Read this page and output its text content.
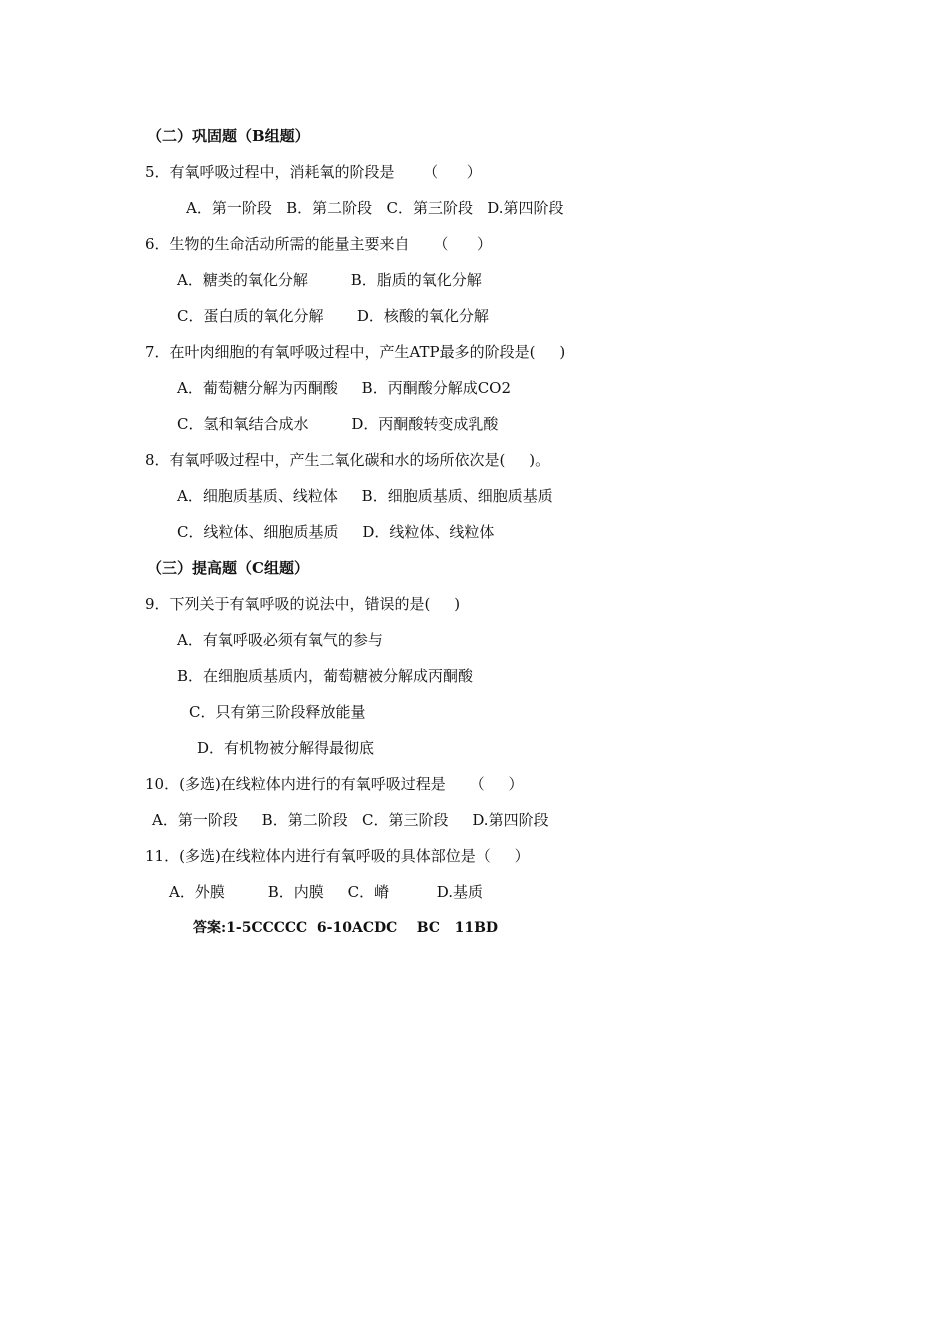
（二）巩固题（B组题）
5．有氧呼吸过程中，消耗氧的阶段是      （      ）
A．第一阶段   B．第二阶段   C．第三阶段   D.第四阶段
6．生物的生命活动所需的能量主要来自     （      ）
A．糖类的氧化分解         B．脂质的氧化分解
C．蛋白质的氧化分解       D．核酸的氧化分解
7．在叶肉细胞的有氧呼吸过程中，产生ATP最多的阶段是(     )
A．葡萄糖分解为丙酮酸     B．丙酮酸分解成CO2
C．氢和氧结合成水         D．丙酮酸转变成乳酸
8．有氧呼吸过程中，产生二氧化碳和水的场所依次是(     )。
A．细胞质基质、线粒体     B．细胞质基质、细胞质基质
C．线粒体、细胞质基质     D．线粒体、线粒体
（三）提高题（C组题）
9．下列关于有氧呼吸的说法中，错误的是(     )
A．有氧呼吸必须有氧气的参与
B．在细胞质基质内，葡萄糖被分解成丙酮酸
C．只有第三阶段释放能量
D．有机物被分解得最彻底
10．(多选)在线粒体内进行的有氧呼吸过程是     （     ）
A．第一阶段     B．第二阶段   C．第三阶段     D.第四阶段
11．(多选)在线粒体内进行有氧呼吸的具体部位是（     ）
A．外膜         B．内膜     C．嵴          D.基质
答案:1-5CCCCC  6-10ACDC    BC   11BD
